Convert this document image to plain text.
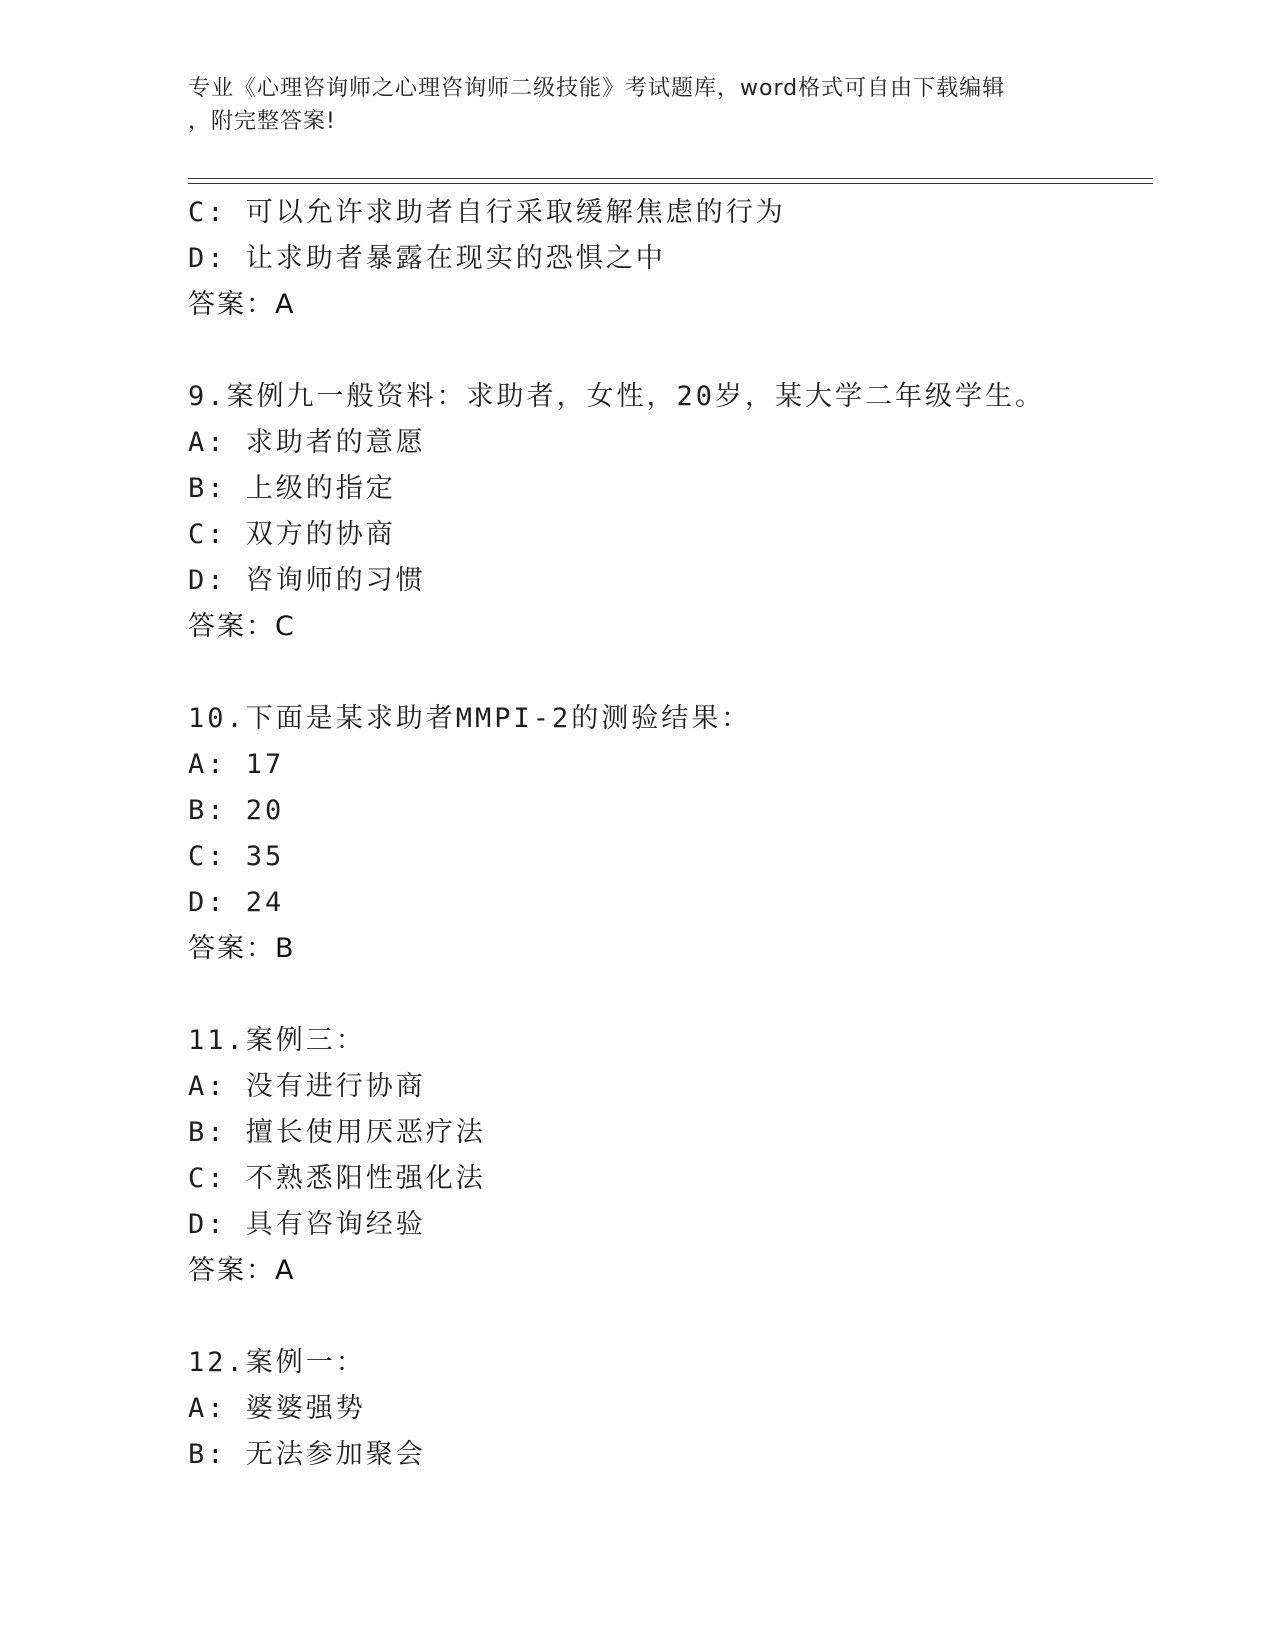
专业《心理咨询师之心理咨询师二级技能》考试题库，word格式可自由下载编辑
，附完整答案!
C: 可以允许求助者自行采取缓解焦虑的行为
D: 让求助者暴露在现实的恐惧之中
答案：A
9.案例九一般资料：求助者，女性，20岁，某大学二年级学生。
A: 求助者的意愿
B: 上级的指定
C: 双方的协商
D: 咨询师的习惯
答案：C
10.下面是某求助者MMPI-2的测验结果：
A: 17
B: 20
C: 35
D: 24
答案：B
11.案例三：
A: 没有进行协商
B: 擅长使用厌恶疗法
C: 不熟悉阳性强化法
D: 具有咨询经验
答案：A
12.案例一：
A: 婆婆强势
B: 无法参加聚会
